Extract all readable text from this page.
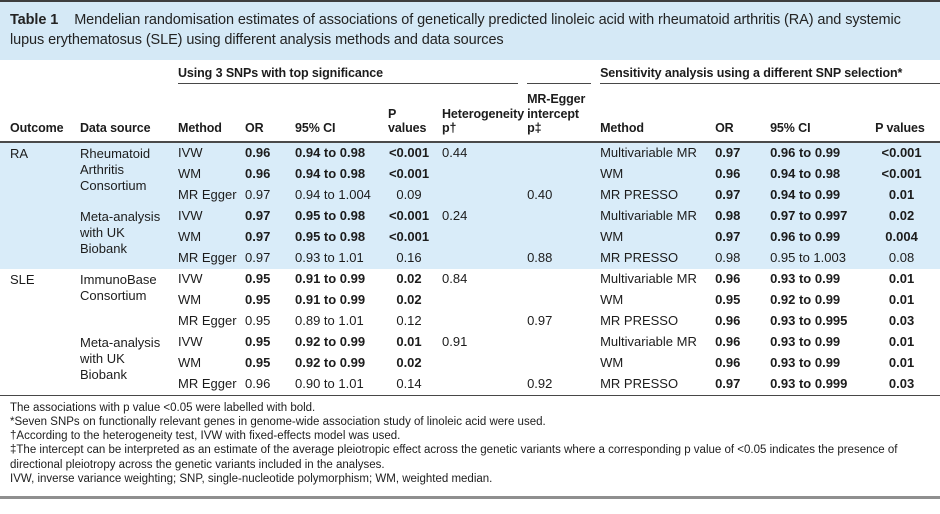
Table 1 Mendelian randomisation estimates of associations of genetically predicted linoleic acid with rheumatoid arthritis (RA) and systemic lupus erythematosus (SLE) using different analysis methods and data sources

		Using 3 SNPs with top significance						Sensitivity analysis using a different SNP selection*			

Outcome	Data source	Method	OR	95% CI	P values	Heterogeneity p†	MR-Egger intercept p‡	Method	OR	95% CI	P values
RA	Rheumatoid Arthritis Consortium	IVW	0.96	0.94 to 0.98	<0.001	0.44		Multivariable MR	0.97	0.96 to 0.99	<0.001
		WM	0.96	0.94 to 0.98	<0.001			WM	0.96	0.94 to 0.98	<0.001
		MR Egger	0.97	0.94 to 1.004	0.09		0.40	MR PRESSO	0.97	0.94 to 0.99	0.01
	Meta-analysis with UK Biobank	IVW	0.97	0.95 to 0.98	<0.001	0.24		Multivariable MR	0.98	0.97 to 0.997	0.02
		WM	0.97	0.95 to 0.98	<0.001			WM	0.97	0.96 to 0.99	0.004
		MR Egger	0.97	0.93 to 1.01	0.16		0.88	MR PRESSO	0.98	0.95 to 1.003	0.08
SLE	ImmunoBase Consortium	IVW	0.95	0.91 to 0.99	0.02	0.84		Multivariable MR	0.96	0.93 to 0.99	0.01
		WM	0.95	0.91 to 0.99	0.02			WM	0.95	0.92 to 0.99	0.01
		MR Egger	0.95	0.89 to 1.01	0.12		0.97	MR PRESSO	0.96	0.93 to 0.995	0.03
	Meta-analysis with UK Biobank	IVW	0.95	0.92 to 0.99	0.01	0.91		Multivariable MR	0.96	0.93 to 0.99	0.01
		WM	0.95	0.92 to 0.99	0.02			WM	0.96	0.93 to 0.99	0.01
		MR Egger	0.96	0.90 to 1.01	0.14		0.92	MR PRESSO	0.97	0.93 to 0.999	0.03
The associations with p value <0.05 were labelled with bold.
*Seven SNPs on functionally relevant genes in genome-wide association study of linoleic acid were used.
†According to the heterogeneity test, IVW with fixed-effects model was used.
‡The intercept can be interpreted as an estimate of the average pleiotropic effect across the genetic variants where a corresponding p value of <0.05 indicates the presence of directional pleiotropy across the genetic variants included in the analyses.
IVW, inverse variance weighting; SNP, single-nucleotide polymorphism; WM, weighted median.
